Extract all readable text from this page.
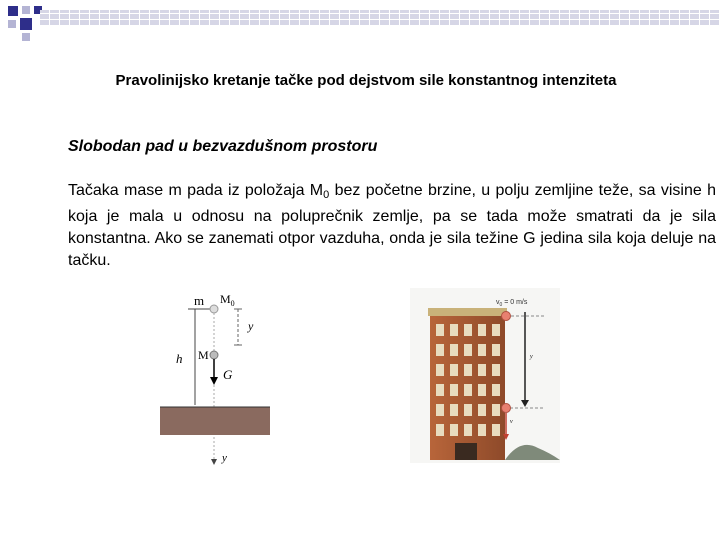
Pravolinijsko kretanje tačke pod dejstvom sile konstantnog intenziteta
Slobodan pad u bezvazdušnom prostoru
Tačaka mase m pada iz položaja $M_0$ bez početne brzine, u polju zemljine teže, sa visine h koja je mala u odnosu na poluprečnik zemlje, pa se tada može smatrati da je sila konstantna. Ako se zanemati otpor vazduha, onda je sila težine G jedina sila koja deluje na tačku.
m $M_0$
y
h M
G
y
$v_0 = 0$ m/s
y
v
